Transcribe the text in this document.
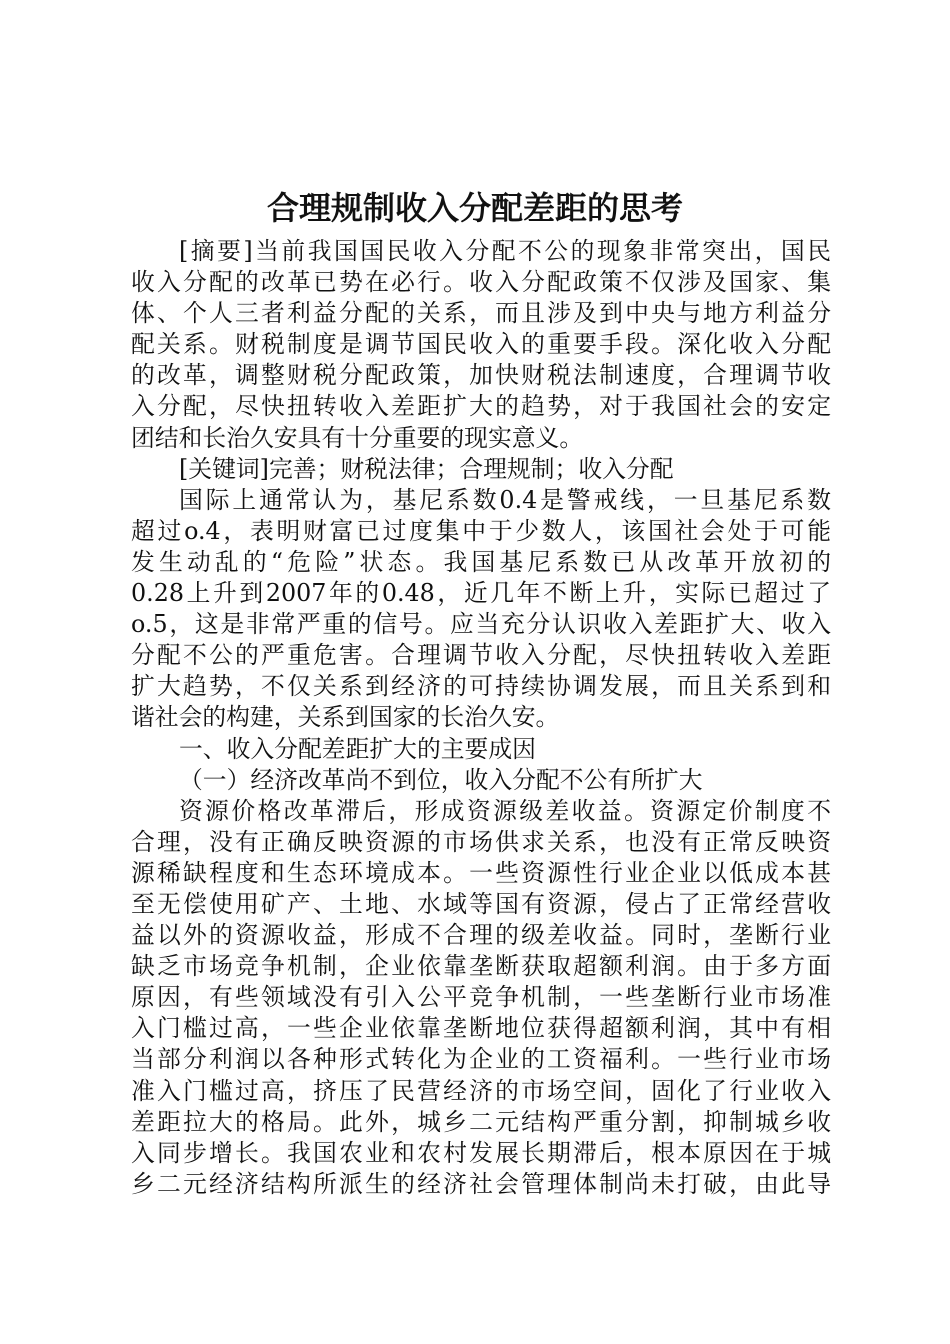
合理规制收入分配差距的思考
[摘要]当前我国国民收入分配不公的现象非常突出，国民
收入分配的改革已势在必行。收入分配政策不仅涉及国家、集
体、个人三者利益分配的关系，而且涉及到中央与地方利益分
配关系。财税制度是调节国民收入的重要手段。深化收入分配
的改革，调整财税分配政策，加快财税法制速度，合理调节收
入分配，尽快扭转收入差距扩大的趋势，对于我国社会的安定
团结和长治久安具有十分重要的现实意义。
[关键词]完善；财税法律；合理规制；收入分配
国际上通常认为，基尼系数0.4是警戒线，一旦基尼系数
超过o.4，表明财富已过度集中于少数人，该国社会处于可能
发生动乱的“危险”状态。我国基尼系数已从改革开放初的
0.28上升到2007年的0.48，近几年不断上升，实际已超过了
o.5，这是非常严重的信号。应当充分认识收入差距扩大、收入
分配不公的严重危害。合理调节收入分配，尽快扭转收入差距
扩大趋势，不仅关系到经济的可持续协调发展，而且关系到和
谐社会的构建，关系到国家的长治久安。
一、收入分配差距扩大的主要成因
（一）经济改革尚不到位，收入分配不公有所扩大
资源价格改革滞后，形成资源级差收益。资源定价制度不
合理，没有正确反映资源的市场供求关系，也没有正常反映资
源稀缺程度和生态环境成本。一些资源性行业企业以低成本甚
至无偿使用矿产、土地、水域等国有资源，侵占了正常经营收
益以外的资源收益，形成不合理的级差收益。同时，垄断行业
缺乏市场竞争机制，企业依靠垄断获取超额利润。由于多方面
原因，有些领域没有引入公平竞争机制，一些垄断行业市场准
入门槛过高，一些企业依靠垄断地位获得超额利润，其中有相
当部分利润以各种形式转化为企业的工资福利。一些行业市场
准入门槛过高，挤压了民营经济的市场空间，固化了行业收入
差距拉大的格局。此外，城乡二元结构严重分割，抑制城乡收
入同步增长。我国农业和农村发展长期滞后，根本原因在于城
乡二元经济结构所派生的经济社会管理体制尚未打破，由此导
